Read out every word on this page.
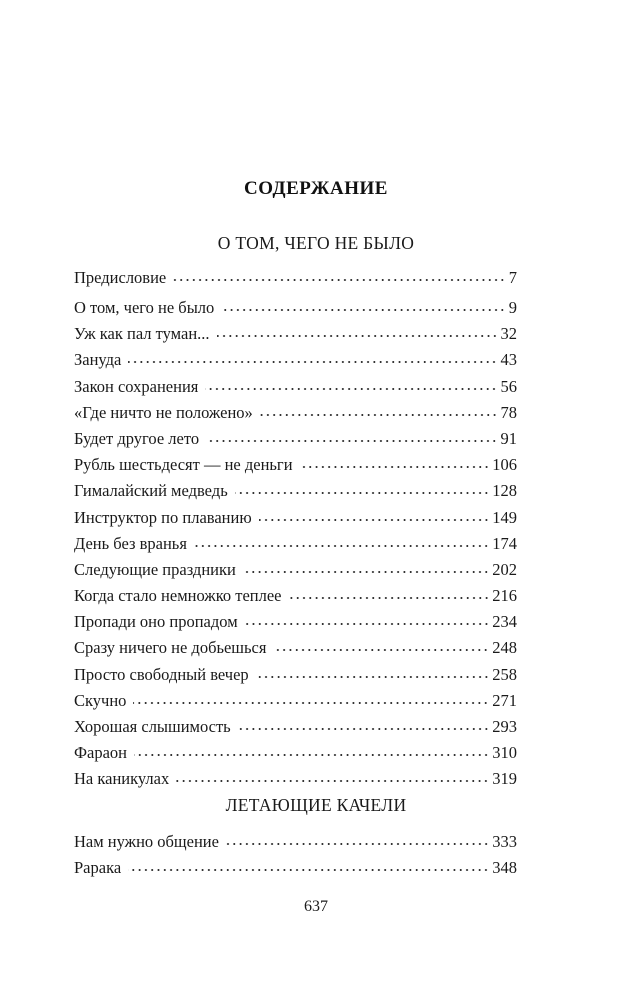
СОДЕРЖАНИЕ
О ТОМ, ЧЕГО НЕ БЫЛО
Предисловие	7
О том, чего не было	9
Уж как пал туман...	32
Зануда	43
Закон сохранения	56
«Где ничто не положено»	78
Будет другое лето	91
Рубль шестьдесят — не деньги	106
Гималайский медведь	128
Инструктор по плаванию	149
День без вранья	174
Следующие праздники	202
Когда стало немножко теплее	216
Пропади оно пропадом	234
Сразу ничего не добьешься	248
Просто свободный вечер	258
Скучно	271
Хорошая слышимость	293
Фараон	310
На каникулах	319
ЛЕТАЮЩИЕ КАЧЕЛИ
Нам нужно общение	333
Рарака	348
637
